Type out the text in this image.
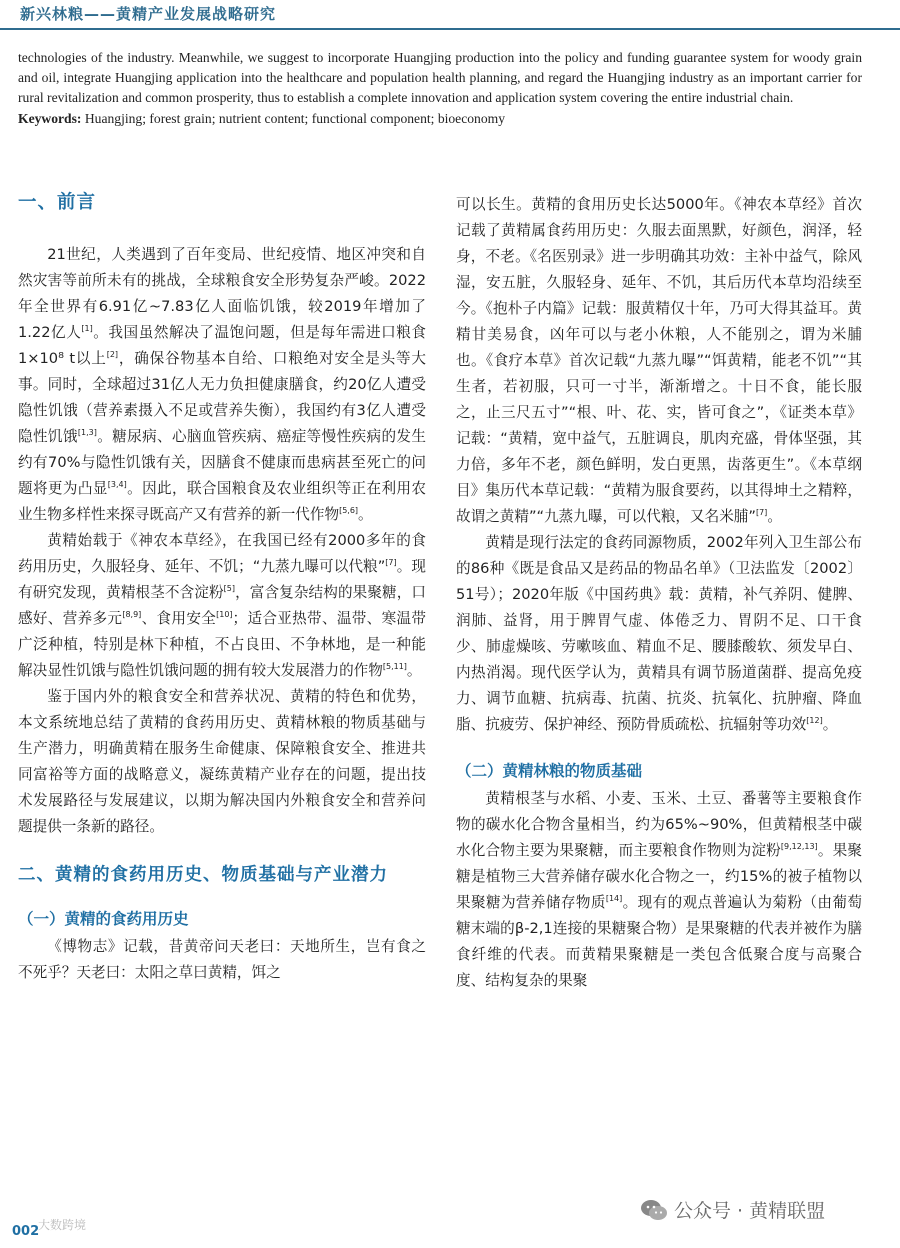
新兴林粮——黄精产业发展战略研究

technologies of the industry. Meanwhile, we suggest to incorporate Huangjing production into the policy and funding guarantee system for woody grain and oil, integrate Huangjing application into the healthcare and population health planning, and regard the Huangjing industry as an important carrier for rural revitalization and common prosperity, thus to establish a complete innovation and application system covering the entire industrial chain.

Keywords: Huangjing; forest grain; nutrient content; functional component; bioeconomy

一、前言

21世纪，人类遇到了百年变局、世纪疫情、地区冲突和自然灾害等前所未有的挑战，全球粮食安全形势复杂严峻。2022年全世界有6.91亿~7.83亿人面临饥饿，较2019年增加了1.22亿人[1]。我国虽然解决了温饱问题，但是每年需进口粮食1×10⁸ t以上[2]，确保谷物基本自给、口粮绝对安全是头等大事。同时，全球超过31亿人无力负担健康膳食，约20亿人遭受隐性饥饿（营养素摄入不足或营养失衡），我国约有3亿人遭受隐性饥饿[1,3]。糖尿病、心脑血管疾病、癌症等慢性疾病的发生约有70%与隐性饥饿有关，因膳食不健康而患病甚至死亡的问题将更为凸显[3,4]。因此，联合国粮食及农业组织等正在利用农业生物多样性来探寻既高产又有营养的新一代作物[5,6]。

黄精始载于《神农本草经》，在我国已经有2000多年的食药用历史，久服轻身、延年、不饥；“九蒸九曝可以代粮”[7]。现有研究发现，黄精根茎不含淀粉[5]，富含复杂结构的果聚糖，口感好、营养多元[8,9]、食用安全[10]；适合亚热带、温带、寒温带广泛种植，特别是林下种植，不占良田、不争林地，是一种能解决显性饥饿与隐性饥饿问题的拥有较大发展潜力的作物[5,11]。

鉴于国内外的粮食安全和营养状况、黄精的特色和优势，本文系统地总结了黄精的食药用历史、黄精林粮的物质基础与生产潜力，明确黄精在服务生命健康、保障粮食安全、推进共同富裕等方面的战略意义，凝练黄精产业存在的问题，提出技术发展路径与发展建议，以期为解决国内外粮食安全和营养问题提供一条新的路径。

二、黄精的食药用历史、物质基础与产业潜力

（一）黄精的食药用历史

《博物志》记载，昔黄帝问天老曰：天地所生，岂有食之不死乎？天老曰：太阳之草曰黄精，饵之

可以长生。黄精的食用历史长达5000年。《神农本草经》首次记载了黄精属食药用历史：久服去面黑默，好颜色，润泽，轻身，不老。《名医别录》进一步明确其功效：主补中益气，除风湿，安五脏，久服轻身、延年、不饥，其后历代本草均沿续至今。《抱朴子内篇》记载：服黄精仅十年，乃可大得其益耳。黄精甘美易食，凶年可以与老小休粮，人不能别之，谓为米脯也。《食疗本草》首次记载“九蒸九曝”“饵黄精，能老不饥”“其生者，若初服，只可一寸半，渐渐增之。十日不食，能长服之，止三尺五寸”“根、叶、花、实，皆可食之”，《证类本草》记载：“黄精，宽中益气，五脏调良，肌肉充盛，骨体坚强，其力倍，多年不老，颜色鲜明，发白更黑，齿落更生”。《本草纲目》集历代本草记载：“黄精为服食要药，以其得坤土之精粹，故谓之黄精”“九蒸九曝，可以代粮，又名米脯”[7]。

黄精是现行法定的食药同源物质，2002年列入卫生部公布的86种《既是食品又是药品的物品名单》（卫法监发〔2002〕51号）；2020年版《中国药典》载：黄精，补气养阴、健脾、润肺、益肾，用于脾胃气虚、体倦乏力、胃阴不足、口干食少、肺虚燥咳、劳嗽咳血、精血不足、腰膝酸软、须发早白、内热消渴。现代医学认为，黄精具有调节肠道菌群、提高免疫力、调节血糖、抗病毒、抗菌、抗炎、抗氧化、抗肿瘤、降血脂、抗疲劳、保护神经、预防骨质疏松、抗辐射等功效[12]。

（二）黄精林粮的物质基础

黄精根茎与水稻、小麦、玉米、土豆、番薯等主要粮食作物的碳水化合物含量相当，约为65%~90%，但黄精根茎中碳水化合物主要为果聚糖，而主要粮食作物则为淀粉[9,12,13]。果聚糖是植物三大营养储存碳水化合物之一，约15%的被子植物以果聚糖为营养储存物质[14]。现有的观点普遍认为菊粉（由葡萄糖末端的β-2,1连接的果糖聚合物）是果聚糖的代表并被作为膳食纤维的代表。而黄精果聚糖是一类包含低聚合度与高聚合度、结构复杂的果聚

002
大数跨境
公众号 · 黄精联盟
